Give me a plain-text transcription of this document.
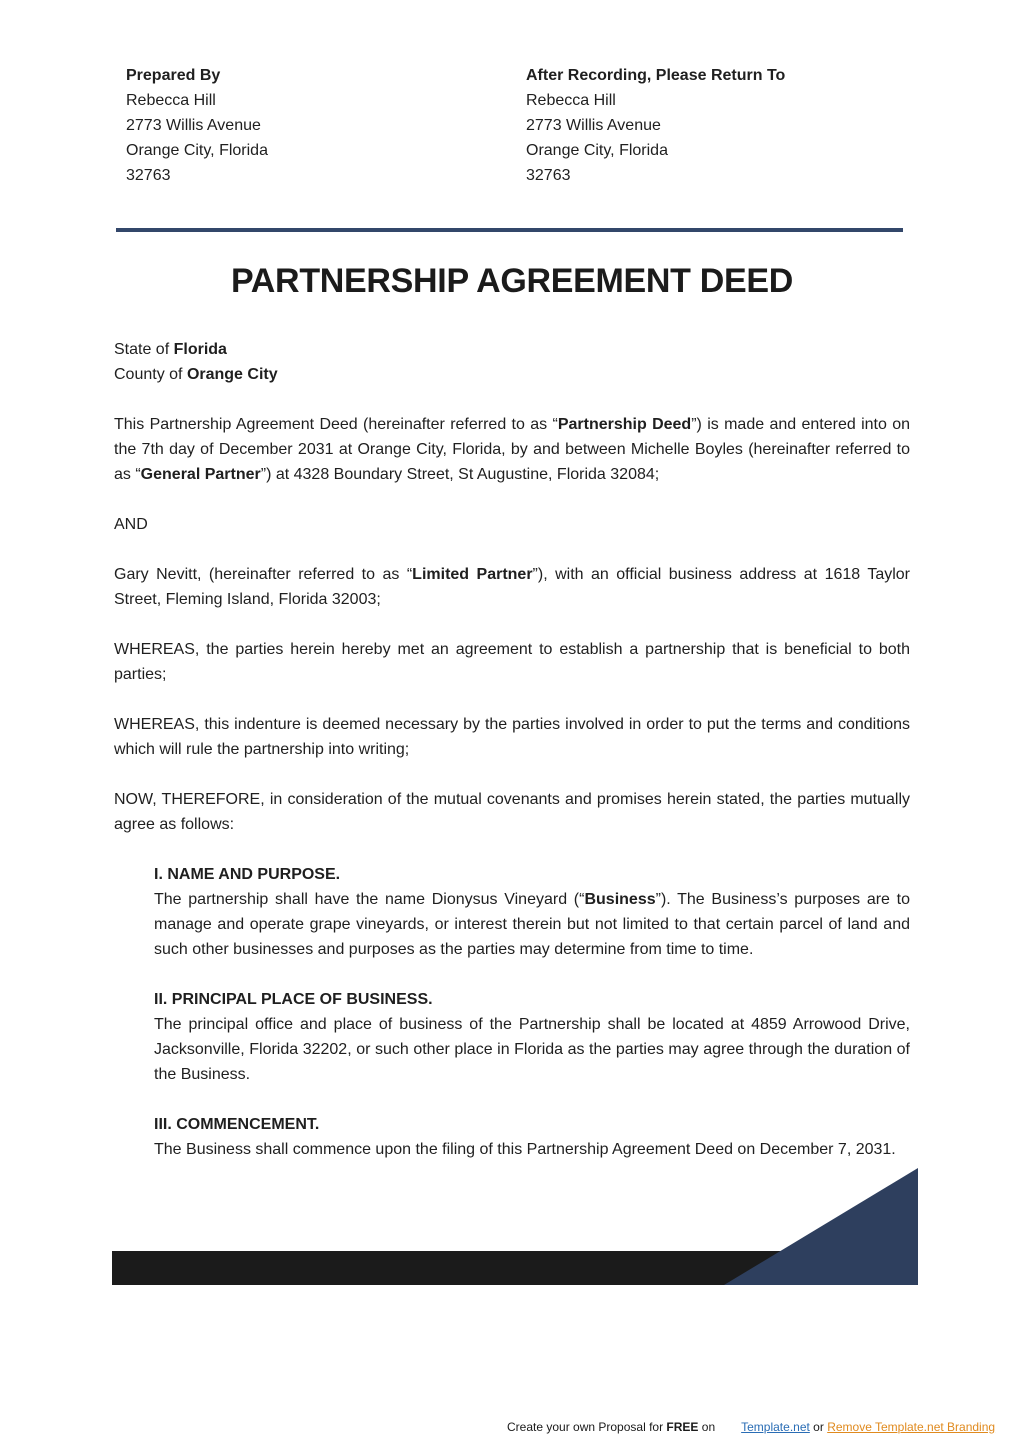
Prepared By
Rebecca Hill
2773 Willis Avenue
Orange City, Florida
32763
After Recording, Please Return To
Rebecca Hill
2773 Willis Avenue
Orange City, Florida
32763
PARTNERSHIP AGREEMENT DEED

State of Florida

County of Orange City

This Partnership Agreement Deed (hereinafter referred to as “Partnership Deed”) is made and entered into on the 7th day of December 2031 at Orange City, Florida, by and between Michelle Boyles (hereinafter referred to as “General Partner”) at 4328 Boundary Street, St Augustine, Florida 32084;

AND

Gary Nevitt, (hereinafter referred to as “Limited Partner”), with an official business address at 1618 Taylor Street, Fleming Island, Florida 32003;

WHEREAS, the parties herein hereby met an agreement to establish a partnership that is beneficial to both parties;

WHEREAS, this indenture is deemed necessary by the parties involved in order to put the terms and conditions which will rule the partnership into writing;

NOW, THEREFORE, in consideration of the mutual covenants and promises herein stated, the parties mutually agree as follows:

I. NAME AND PURPOSE.
The partnership shall have the name Dionysus Vineyard (“Business”). The Business’s purposes are to manage and operate grape vineyards, or interest therein but not limited to that certain parcel of land and such other businesses and purposes as the parties may determine from time to time.
II. PRINCIPAL PLACE OF BUSINESS.
The principal office and place of business of the Partnership shall be located at 4859 Arrowood Drive, Jacksonville, Florida 32202, or such other place in Florida as the parties may agree through the duration of the Business.
III. COMMENCEMENT.
The Business shall commence upon the filing of this Partnership Agreement Deed on December 7, 2031.
Create your own Proposal for FREE on Template.net or Remove Template.net Branding
